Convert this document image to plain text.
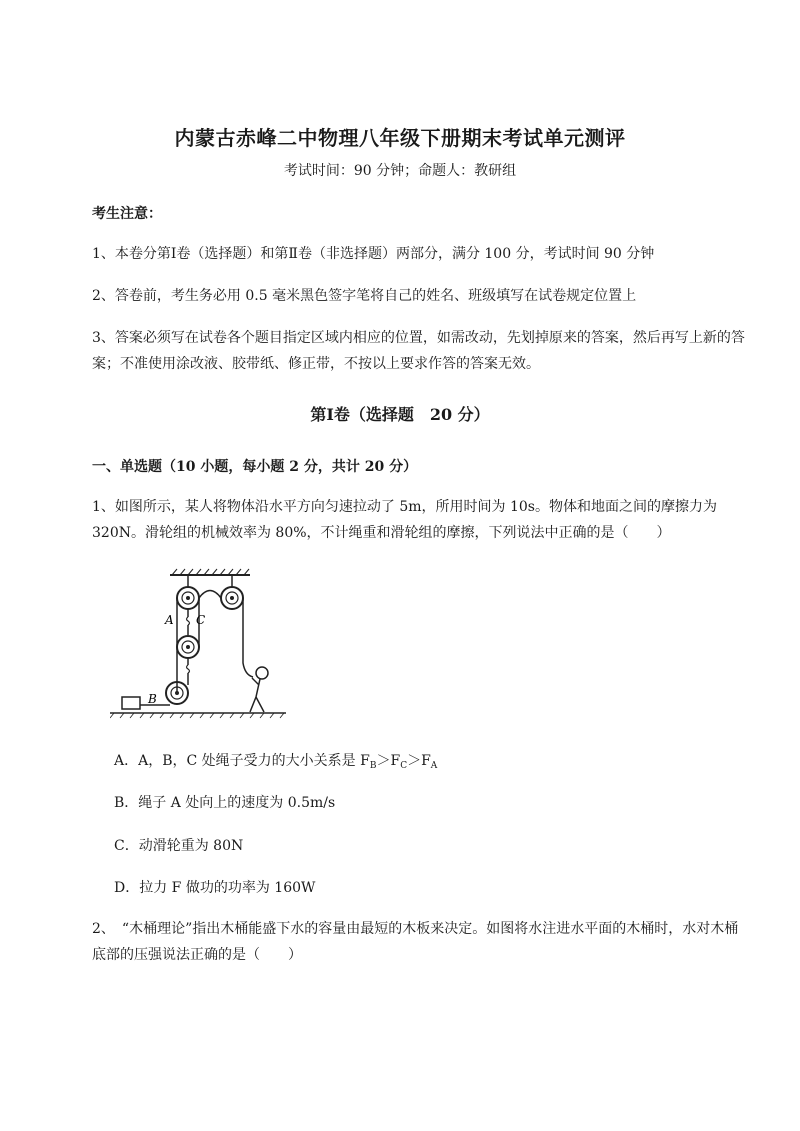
内蒙古赤峰二中物理八年级下册期末考试单元测评
考试时间：90 分钟；命题人：教研组
考生注意：
1、本卷分第Ⅰ卷（选择题）和第Ⅱ卷（非选择题）两部分，满分 100 分，考试时间 90 分钟
2、答卷前，考生务必用 0.5 毫米黑色签字笔将自己的姓名、班级填写在试卷规定位置上
3、答案必须写在试卷各个题目指定区域内相应的位置，如需改动，先划掉原来的答案，然后再写上新的答案；不准使用涂改液、胶带纸、修正带，不按以上要求作答的答案无效。
第Ⅰ卷（选择题　20 分）
一、单选题（10 小题，每小题 2 分，共计 20 分）
1、如图所示，某人将物体沿水平方向匀速拉动了 5m，所用时间为 10s。物体和地面之间的摩擦力为 320N。滑轮组的机械效率为 80%，不计绳重和滑轮组的摩擦，下列说法中正确的是（　　）
A C
B
A．A，B，C 处绳子受力的大小关系是 $F_B>F_C>F_A$
B．绳子 A 处向上的速度为 0.5m/s
C．动滑轮重为 80N
D．拉力 F 做功的功率为 160W
2、　“木桶理论”指出木桶能盛下水的容量由最短的木板来决定。如图将水注进水平面的木桶时，水对木桶底部的压强说法正确的是（　　）
